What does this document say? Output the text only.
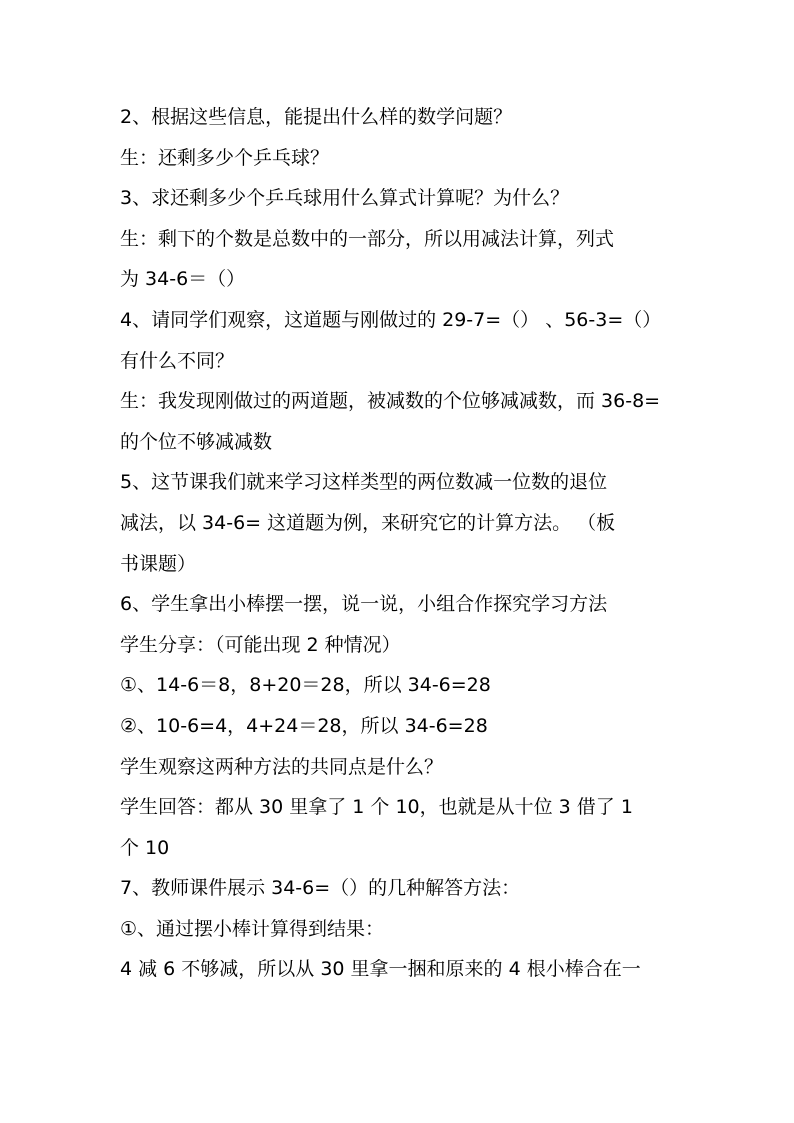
2、根据这些信息，能提出什么样的数学问题？
生：还剩多少个乒乓球？
3、求还剩多少个乒乓球用什么算式计算呢？为什么？
生：剩下的个数是总数中的一部分，所以用减法计算，列式
为 34-6＝（）
4、请同学们观察，这道题与刚做过的 29-7=（） 、56-3=（）
有什么不同？
生：我发现刚做过的两道题，被减数的个位够减减数，而 36-8=
的个位不够减减数
5、这节课我们就来学习这样类型的两位数减一位数的退位
减法，以 34-6= 这道题为例，来研究它的计算方法。 （板
书课题）
6、学生拿出小棒摆一摆，说一说，小组合作探究学习方法
学生分享：（可能出现 2 种情况）
①、14-6＝8，8+20＝28，所以 34-6=28
②、10-6=4，4+24＝28，所以 34-6=28
学生观察这两种方法的共同点是什么？
学生回答：都从 30 里拿了 1 个 10，也就是从十位 3 借了 1
个 10
7、教师课件展示 34-6=（）的几种解答方法：
①、通过摆小棒计算得到结果：
4 减 6 不够减，所以从 30 里拿一捆和原来的 4 根小棒合在一
